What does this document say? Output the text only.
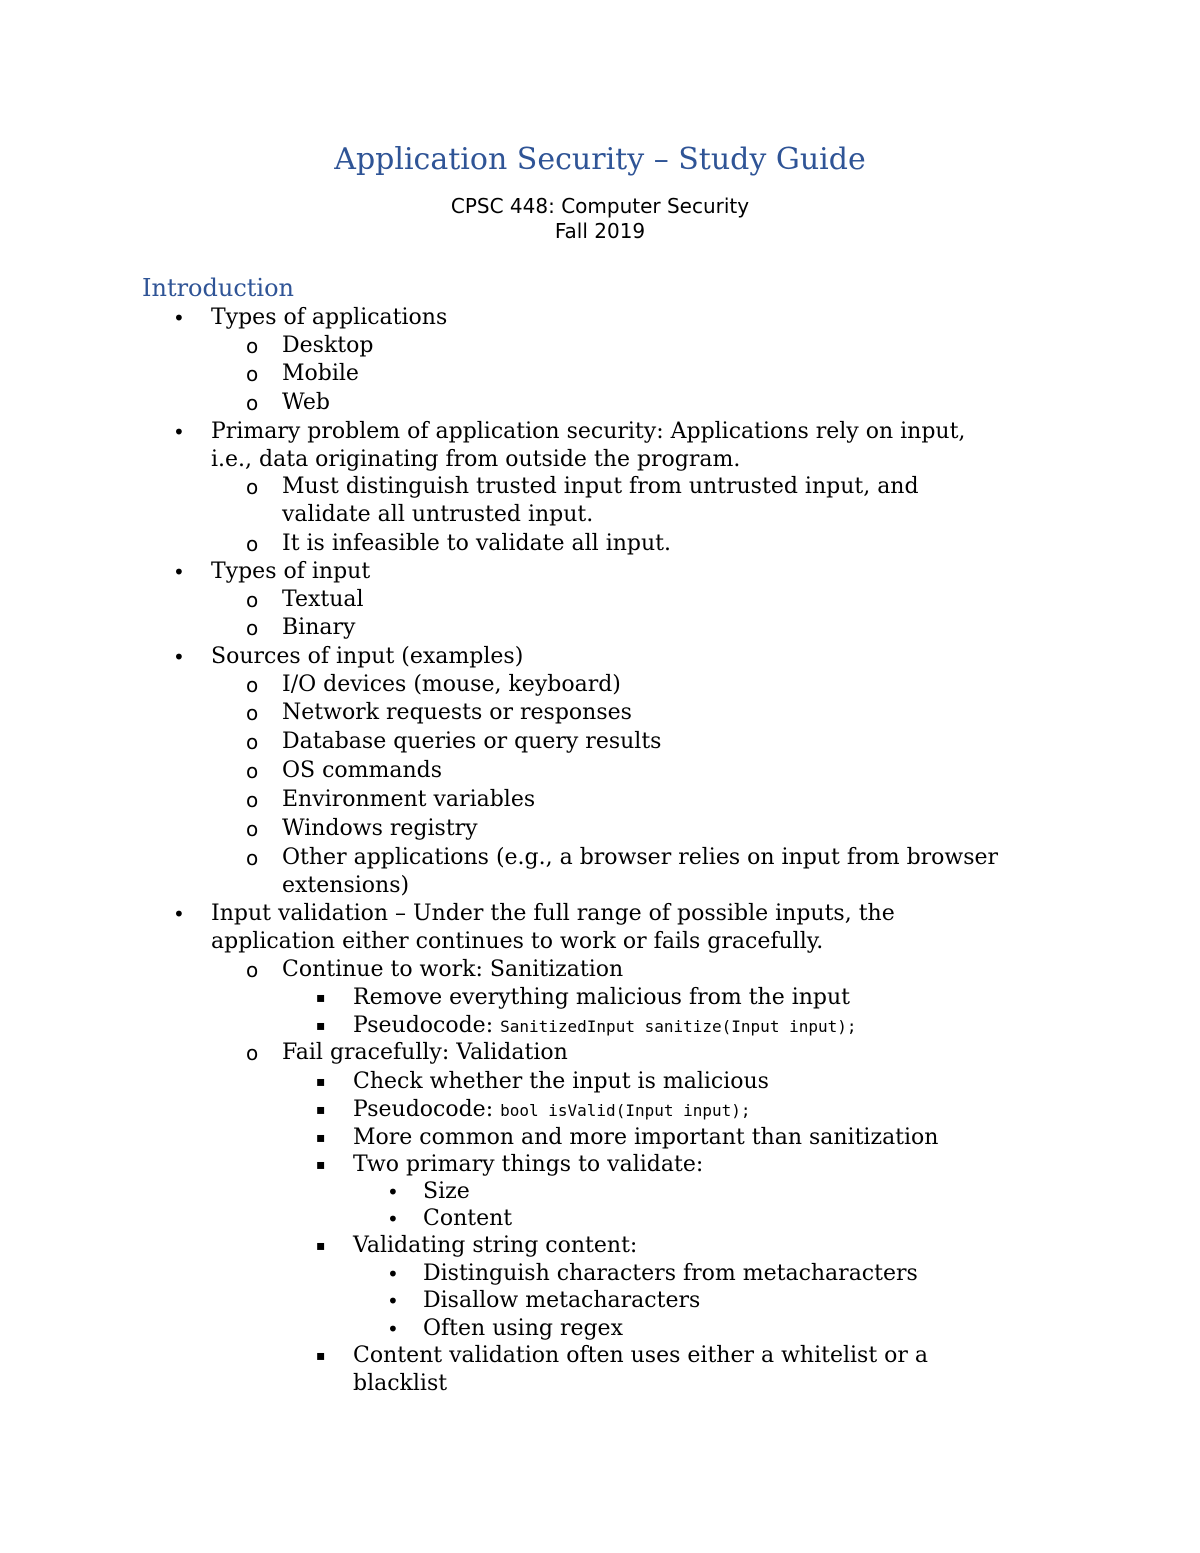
Application Security – Study Guide
CPSC 448: Computer Security
Fall 2019
Introduction
• Types of applications
o Desktop
o Mobile
o Web
• Primary problem of application security: Applications rely on input,
i.e., data originating from outside the program.
o Must distinguish trusted input from untrusted input, and
validate all untrusted input.
o It is infeasible to validate all input.
• Types of input
o Textual
o Binary
• Sources of input (examples)
o I/O devices (mouse, keyboard)
o Network requests or responses
o Database queries or query results
o OS commands
o Environment variables
o Windows registry
o Other applications (e.g., a browser relies on input from browser
extensions)
• Input validation – Under the full range of possible inputs, the
application either continues to work or fails gracefully.
o Continue to work: Sanitization
▪ Remove everything malicious from the input
▪ Pseudocode: SanitizedInput sanitize(Input input);
o Fail gracefully: Validation
▪ Check whether the input is malicious
▪ Pseudocode: bool isValid(Input input);
▪ More common and more important than sanitization
▪ Two primary things to validate:
• Size
• Content
▪ Validating string content:
• Distinguish characters from metacharacters
• Disallow metacharacters
• Often using regex
▪ Content validation often uses either a whitelist or a
blacklist
